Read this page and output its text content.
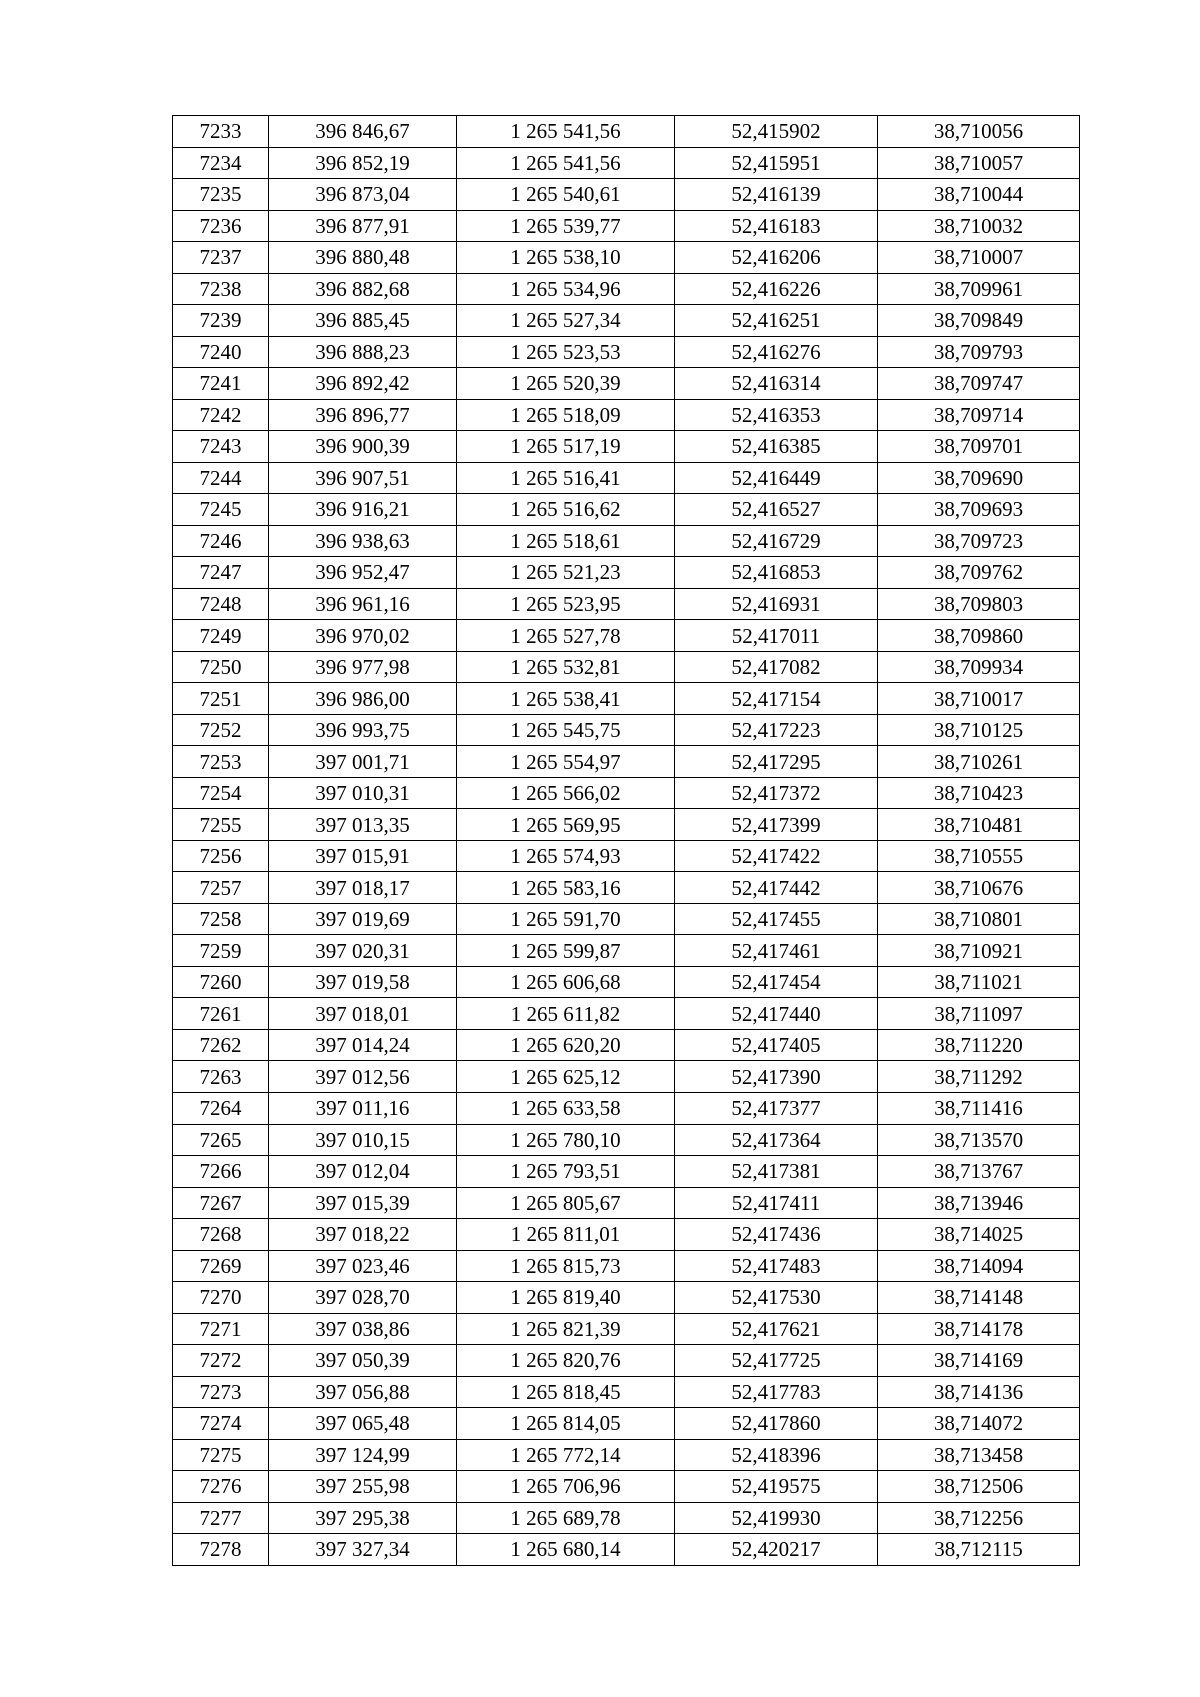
7233	396 846,67	1 265 541,56	52,415902	38,710056
7234	396 852,19	1 265 541,56	52,415951	38,710057
7235	396 873,04	1 265 540,61	52,416139	38,710044
7236	396 877,91	1 265 539,77	52,416183	38,710032
7237	396 880,48	1 265 538,10	52,416206	38,710007
7238	396 882,68	1 265 534,96	52,416226	38,709961
7239	396 885,45	1 265 527,34	52,416251	38,709849
7240	396 888,23	1 265 523,53	52,416276	38,709793
7241	396 892,42	1 265 520,39	52,416314	38,709747
7242	396 896,77	1 265 518,09	52,416353	38,709714
7243	396 900,39	1 265 517,19	52,416385	38,709701
7244	396 907,51	1 265 516,41	52,416449	38,709690
7245	396 916,21	1 265 516,62	52,416527	38,709693
7246	396 938,63	1 265 518,61	52,416729	38,709723
7247	396 952,47	1 265 521,23	52,416853	38,709762
7248	396 961,16	1 265 523,95	52,416931	38,709803
7249	396 970,02	1 265 527,78	52,417011	38,709860
7250	396 977,98	1 265 532,81	52,417082	38,709934
7251	396 986,00	1 265 538,41	52,417154	38,710017
7252	396 993,75	1 265 545,75	52,417223	38,710125
7253	397 001,71	1 265 554,97	52,417295	38,710261
7254	397 010,31	1 265 566,02	52,417372	38,710423
7255	397 013,35	1 265 569,95	52,417399	38,710481
7256	397 015,91	1 265 574,93	52,417422	38,710555
7257	397 018,17	1 265 583,16	52,417442	38,710676
7258	397 019,69	1 265 591,70	52,417455	38,710801
7259	397 020,31	1 265 599,87	52,417461	38,710921
7260	397 019,58	1 265 606,68	52,417454	38,711021
7261	397 018,01	1 265 611,82	52,417440	38,711097
7262	397 014,24	1 265 620,20	52,417405	38,711220
7263	397 012,56	1 265 625,12	52,417390	38,711292
7264	397 011,16	1 265 633,58	52,417377	38,711416
7265	397 010,15	1 265 780,10	52,417364	38,713570
7266	397 012,04	1 265 793,51	52,417381	38,713767
7267	397 015,39	1 265 805,67	52,417411	38,713946
7268	397 018,22	1 265 811,01	52,417436	38,714025
7269	397 023,46	1 265 815,73	52,417483	38,714094
7270	397 028,70	1 265 819,40	52,417530	38,714148
7271	397 038,86	1 265 821,39	52,417621	38,714178
7272	397 050,39	1 265 820,76	52,417725	38,714169
7273	397 056,88	1 265 818,45	52,417783	38,714136
7274	397 065,48	1 265 814,05	52,417860	38,714072
7275	397 124,99	1 265 772,14	52,418396	38,713458
7276	397 255,98	1 265 706,96	52,419575	38,712506
7277	397 295,38	1 265 689,78	52,419930	38,712256
7278	397 327,34	1 265 680,14	52,420217	38,712115
